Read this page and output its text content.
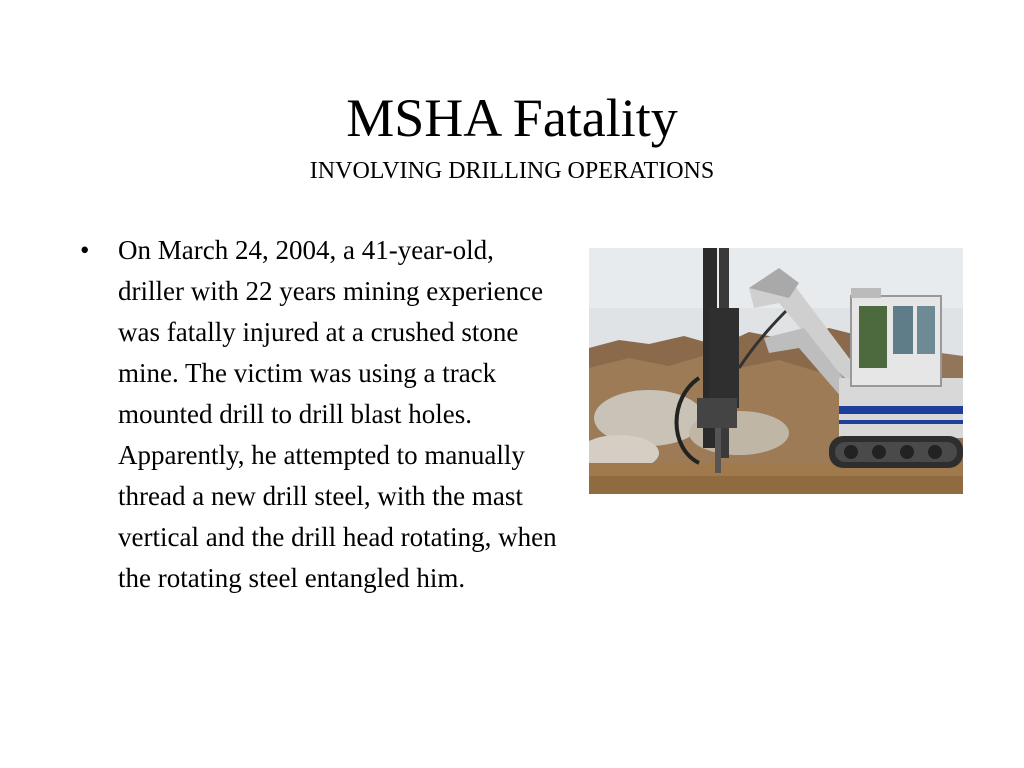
MSHA Fatality
INVOLVING DRILLING OPERATIONS
• On March 24, 2004, a 41-year-old, driller with 22 years mining experience was fatally injured at a crushed stone mine. The victim was using a track mounted drill to drill blast holes. Apparently, he attempted to manually thread a new drill steel, with the mast vertical and the drill head rotating, when the rotating steel entangled him.
